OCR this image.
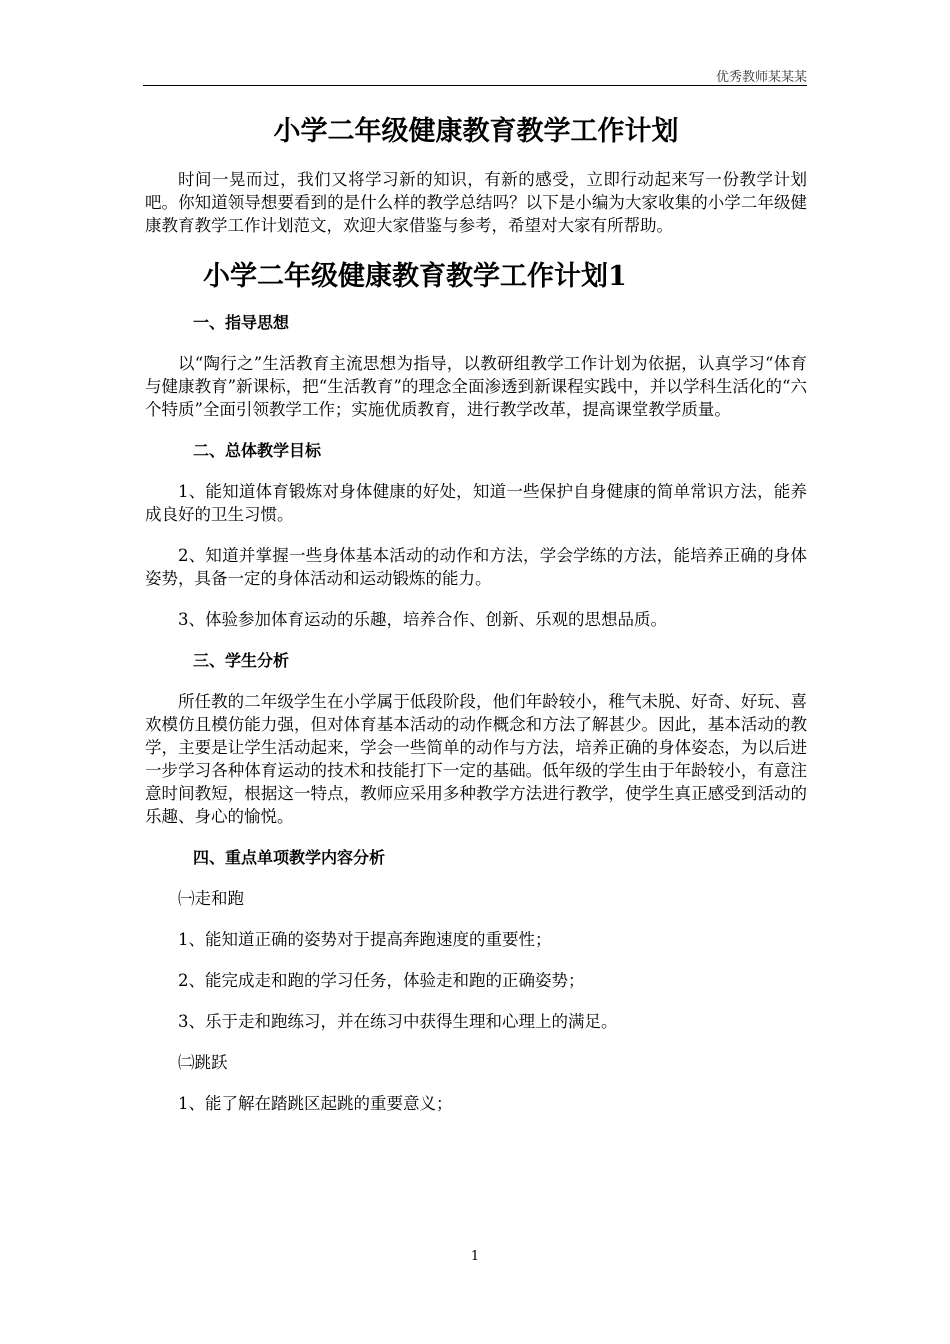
优秀教师某某某
小学二年级健康教育教学工作计划

时间一晃而过，我们又将学习新的知识，有新的感受，立即行动起来写一份教学计划吧。你知道领导想要看到的是什么样的教学总结吗？以下是小编为大家收集的小学二年级健康教育教学工作计划范文，欢迎大家借鉴与参考，希望对大家有所帮助。

小学二年级健康教育教学工作计划1
一、指导思想

以“陶行之”生活教育主流思想为指导，以教研组教学工作计划为依据，认真学习“体育与健康教育”新课标，把“生活教育”的理念全面渗透到新课程实践中，并以学科生活化的“六个特质”全面引领教学工作；实施优质教育，进行教学改革，提高课堂教学质量。

二、总体教学目标

1、能知道体育锻炼对身体健康的好处，知道一些保护自身健康的简单常识方法，能养成良好的卫生习惯。

2、知道并掌握一些身体基本活动的动作和方法，学会学练的方法，能培养正确的身体姿势，具备一定的身体活动和运动锻炼的能力。

3、体验参加体育运动的乐趣，培养合作、创新、乐观的思想品质。

三、学生分析

所任教的二年级学生在小学属于低段阶段，他们年龄较小，稚气未脱、好奇、好玩、喜欢模仿且模仿能力强，但对体育基本活动的动作概念和方法了解甚少。因此，基本活动的教学，主要是让学生活动起来，学会一些简单的动作与方法，培养正确的身体姿态，为以后进一步学习各种体育运动的技术和技能打下一定的基础。低年级的学生由于年龄较小，有意注意时间教短，根据这一特点，教师应采用多种教学方法进行教学，使学生真正感受到活动的乐趣、身心的愉悦。

四、重点单项教学内容分析

㈠走和跑

1、能知道正确的姿势对于提高奔跑速度的重要性；

2、能完成走和跑的学习任务，体验走和跑的正确姿势；

3、乐于走和跑练习，并在练习中获得生理和心理上的满足。

㈡跳跃

1、能了解在踏跳区起跳的重要意义；

1
